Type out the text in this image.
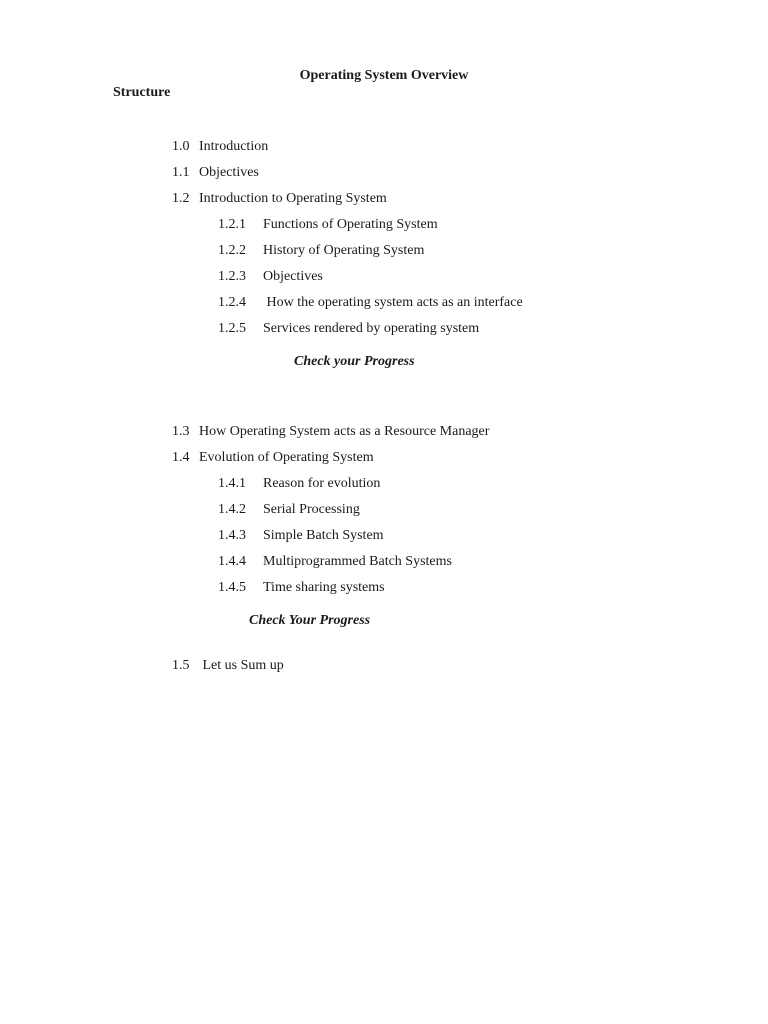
Operating System Overview
Structure

1.0 Introduction

1.1 Objectives

1.2 Introduction to Operating System

1.2.1 Functions of Operating System

1.2.2 History of Operating System

1.2.3 Objectives

1.2.4 How the operating system acts as an interface

1.2.5 Services rendered by operating system

Check your Progress

1.3 How Operating System acts as a Resource Manager

1.4 Evolution of Operating System

1.4.1 Reason for evolution

1.4.2 Serial Processing

1.4.3 Simple Batch System

1.4.4 Multiprogrammed Batch Systems

1.4.5 Time sharing systems

Check Your Progress

1.5 Let us Sum up
